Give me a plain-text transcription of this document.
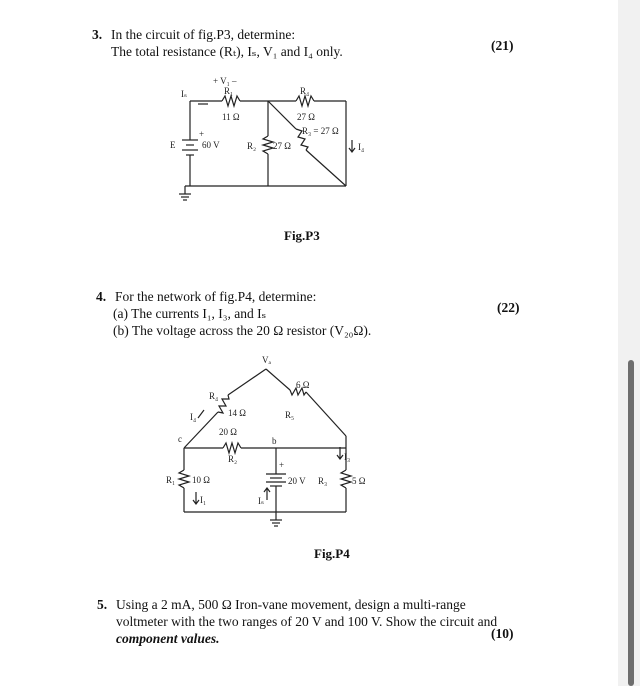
3. In the circuit of fig.P3, determine:
The total resistance (Rₜ), Iₛ, V₁ and I₄ only.	(21)
+ V₁ –
Iₛ	R₁
11 Ω
R₄
27 Ω
R₃ = 27 Ω
R₂ 27 Ω
E	60 V	I₄
+
Fig.P3
4. For the network of fig.P4, determine:
(a) The currents I₁, I₃, and Iₛ
(b) The voltage across the 20 Ω resistor (V₂₀Ω).
(22)
Vₐ
R₄
14 Ω
6 Ω
R₅
20 Ω
R₂
b
c
I₄
R₁ 10 Ω
I₁
20 V
Iₛ
R₃	5 Ω
I₃
+
Fig.P4
5. Using a 2 mA, 500 Ω Iron-vane movement, design a multi-range
voltmeter with the two ranges of 20 V and 100 V. Show the circuit and
component values.	(10)
